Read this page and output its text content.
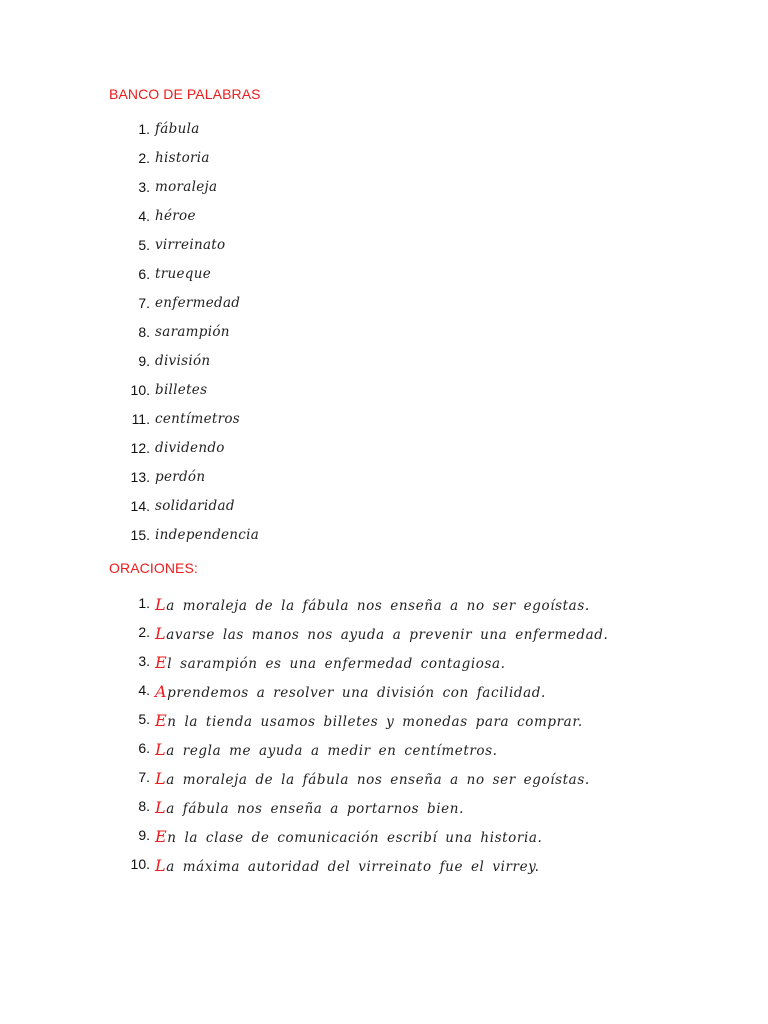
BANCO DE PALABRAS
1. fábula
2. historia
3. moraleja
4. héroe
5. virreinato
6. trueque
7. enfermedad
8. sarampión
9. división
10. billetes
11. centímetros
12. dividendo
13. perdón
14. solidaridad
15. independencia
ORACIONES:
1. La moraleja de la fábula nos enseña a no ser egoístas.
2. Lavarse las manos nos ayuda a prevenir una enfermedad.
3. El sarampión es una enfermedad contagiosa.
4. Aprendemos a resolver una división con facilidad.
5. En la tienda usamos billetes y monedas para comprar.
6. La regla me ayuda a medir en centímetros.
7. La moraleja de la fábula nos enseña a no ser egoístas.
8. La fábula nos enseña a portarnos bien.
9. En la clase de comunicación escribí una historia.
10. La máxima autoridad del virreinato fue el virrey.
